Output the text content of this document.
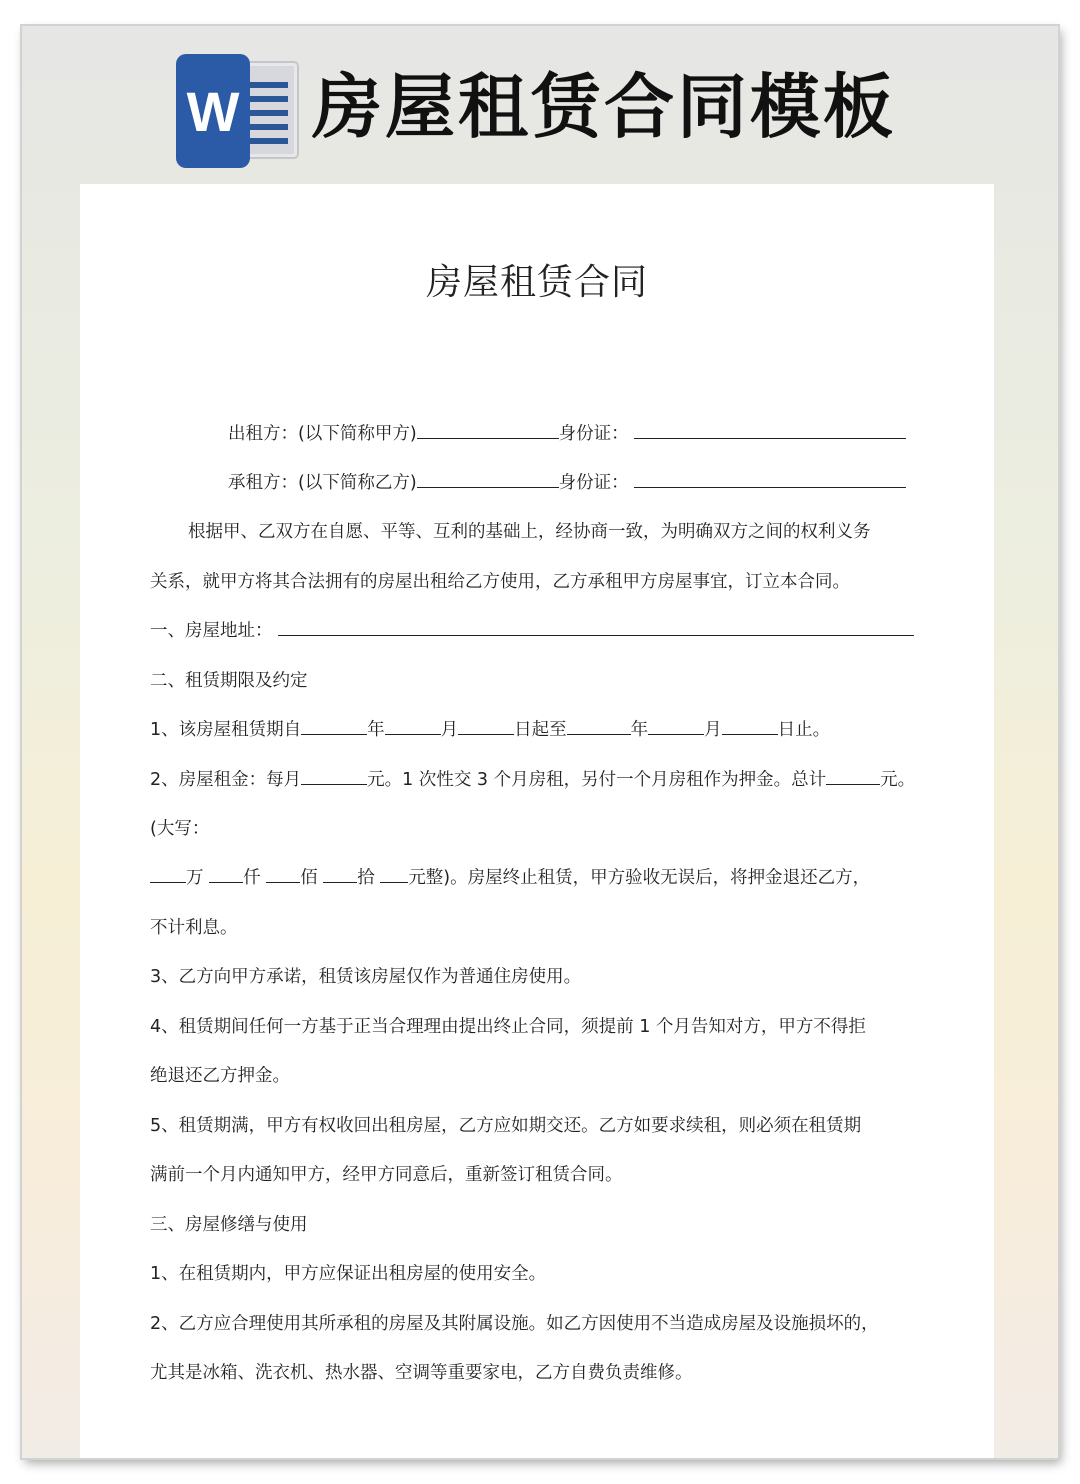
W 房屋租赁合同模板
房屋租赁合同
出租方：(以下简称甲方)	身份证：
承租方：(以下简称乙方)	身份证：
根据甲、乙双方在自愿、平等、互利的基础上，经协商一致，为明确双方之间的权利义务
关系，就甲方将其合法拥有的房屋出租给乙方使用，乙方承租甲方房屋事宜，订立本合同。
一、房屋地址：
二、租赁期限及约定
1、该房屋租赁期自	年	月	日起至	年	月	日止。
2、房屋租金：每月	元。1 次性交 3 个月房租，另付一个月房租作为押金。总计	元。
(大写：
万 仟 佰 拾 元整)。房屋终止租赁，甲方验收无误后，将押金退还乙方，
不计利息。
3、乙方向甲方承诺，租赁该房屋仅作为普通住房使用。
4、租赁期间任何一方基于正当合理理由提出终止合同，须提前 1 个月告知对方，甲方不得拒
绝退还乙方押金。
5、租赁期满，甲方有权收回出租房屋，乙方应如期交还。乙方如要求续租，则必须在租赁期
满前一个月内通知甲方，经甲方同意后，重新签订租赁合同。
三、房屋修缮与使用
1、在租赁期内，甲方应保证出租房屋的使用安全。
2、乙方应合理使用其所承租的房屋及其附属设施。如乙方因使用不当造成房屋及设施损坏的，
尤其是冰箱、洗衣机、热水器、空调等重要家电，乙方自费负责维修。
